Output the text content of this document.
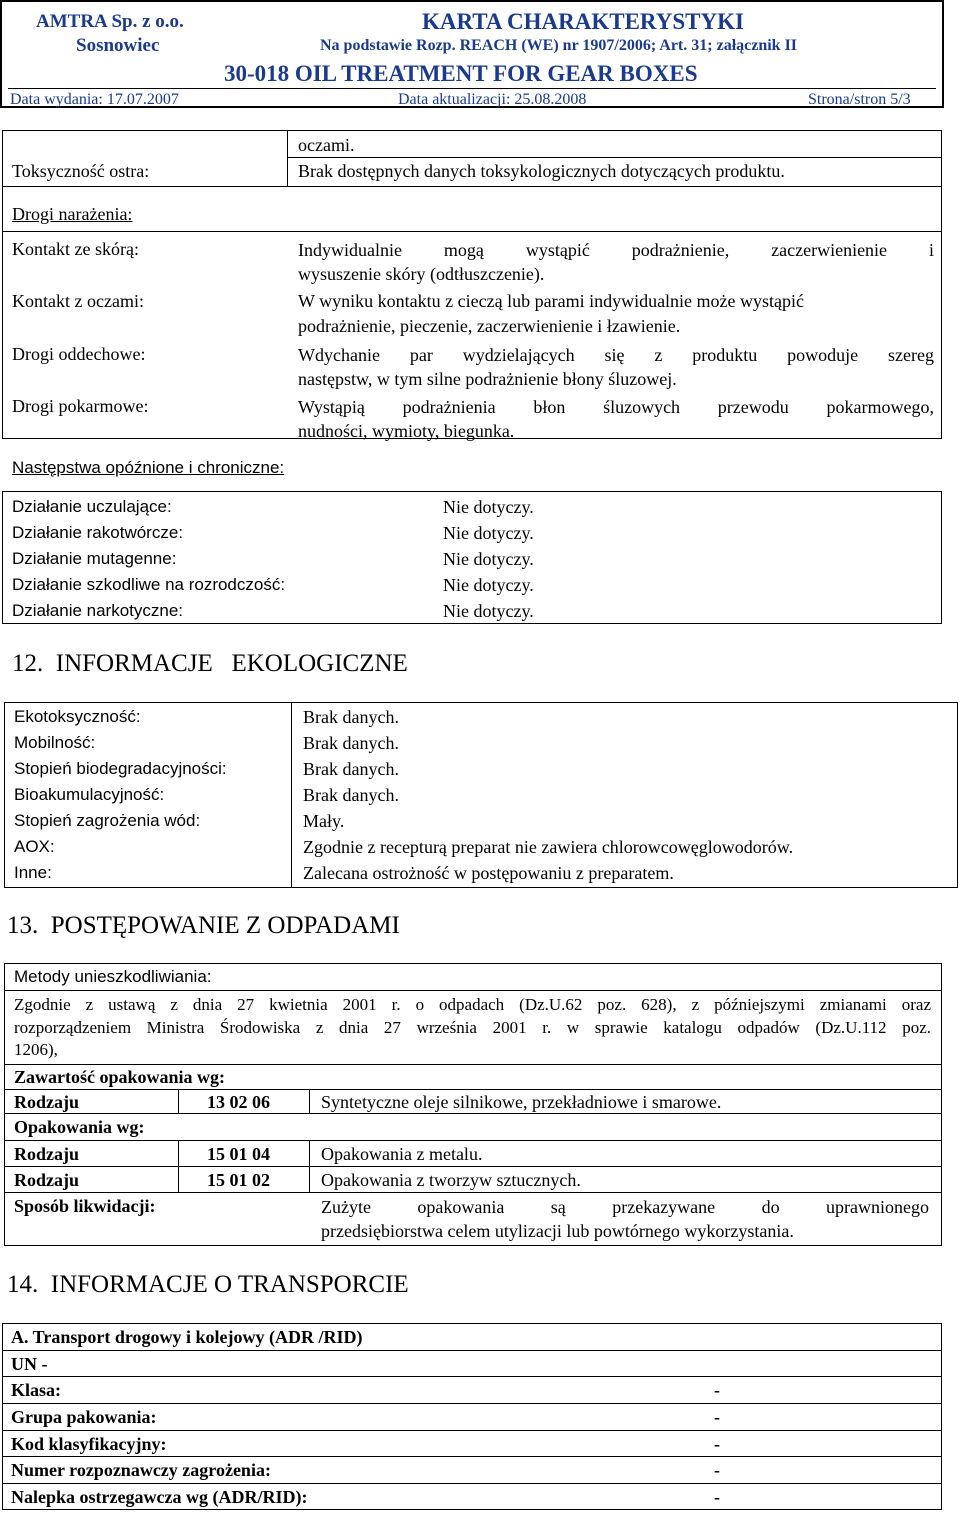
AMTRA Sp. z o.o.
Sosnowiec
KARTA CHARAKTERYSTYKI
Na podstawie Rozp. REACH (WE) nr 1907/2006; Art. 31; załącznik II
30-018 OIL TREATMENT FOR GEAR BOXES
Data wydania: 17.07.2007	Data aktualizacji: 25.08.2008	Strona/stron 5/3
oczami.
Toksyczność ostra:	Brak dostępnych danych toksykologicznych dotyczących produktu.
Drogi narażenia:
Kontakt ze skórą:	Indywidualnie mogą wystąpić podrażnienie, zaczerwienienie i
wysuszenie skóry (odtłuszczenie).
Kontakt z oczami:	W wyniku kontaktu z cieczą lub parami indywidualnie może wystąpić
podrażnienie, pieczenie, zaczerwienienie i łzawienie.
Drogi oddechowe:	Wdychanie par wydzielających się z produktu powoduje szereg
następstw, w tym silne podrażnienie błony śluzowej.
Drogi pokarmowe:	Wystąpią podrażnienia błon śluzowych przewodu pokarmowego,
nudności, wymioty, biegunka.
Następstwa opóźnione i chroniczne:
Działanie uczulające:	Nie dotyczy.
Działanie rakotwórcze:	Nie dotyczy.
Działanie mutagenne:	Nie dotyczy.
Działanie szkodliwe na rozrodczość:	Nie dotyczy.
Działanie narkotyczne:	Nie dotyczy.
12.  INFORMACJE   EKOLOGICZNE
Ekotoksyczność:	Brak danych.
Mobilność:	Brak danych.
Stopień biodegradacyjności:	Brak danych.
Bioakumulacyjność:	Brak danych.
Stopień zagrożenia wód:	Mały.
AOX:	Zgodnie z recepturą preparat nie zawiera chlorowcowęglowodorów.
Inne:	Zalecana ostrożność w postępowaniu z preparatem.
13.  POSTĘPOWANIE Z ODPADAMI
Metody unieszkodliwiania:
Zgodnie z ustawą z dnia 27 kwietnia 2001 r. o odpadach (Dz.U.62 poz. 628), z późniejszymi zmianami oraz
rozporządzeniem Ministra Środowiska z dnia 27 września 2001 r. w sprawie katalogu odpadów (Dz.U.112 poz.
1206),
Zawartość opakowania wg:
Rodzaju	13 02 06	Syntetyczne oleje silnikowe, przekładniowe i smarowe.
Opakowania wg:
Rodzaju	15 01 04	Opakowania z metalu.
Rodzaju	15 01 02	Opakowania z tworzyw sztucznych.
Sposób likwidacji:	Zużyte opakowania są przekazywane do uprawnionego
przedsiębiorstwa celem utylizacji lub powtórnego wykorzystania.
14.  INFORMACJE O TRANSPORCIE
A. Transport drogowy i kolejowy (ADR /RID)
UN -
Klasa:	-
Grupa pakowania:	-
Kod klasyfikacyjny:	-
Numer rozpoznawczy zagrożenia:	-
Nalepka ostrzegawcza wg (ADR/RID):	-
